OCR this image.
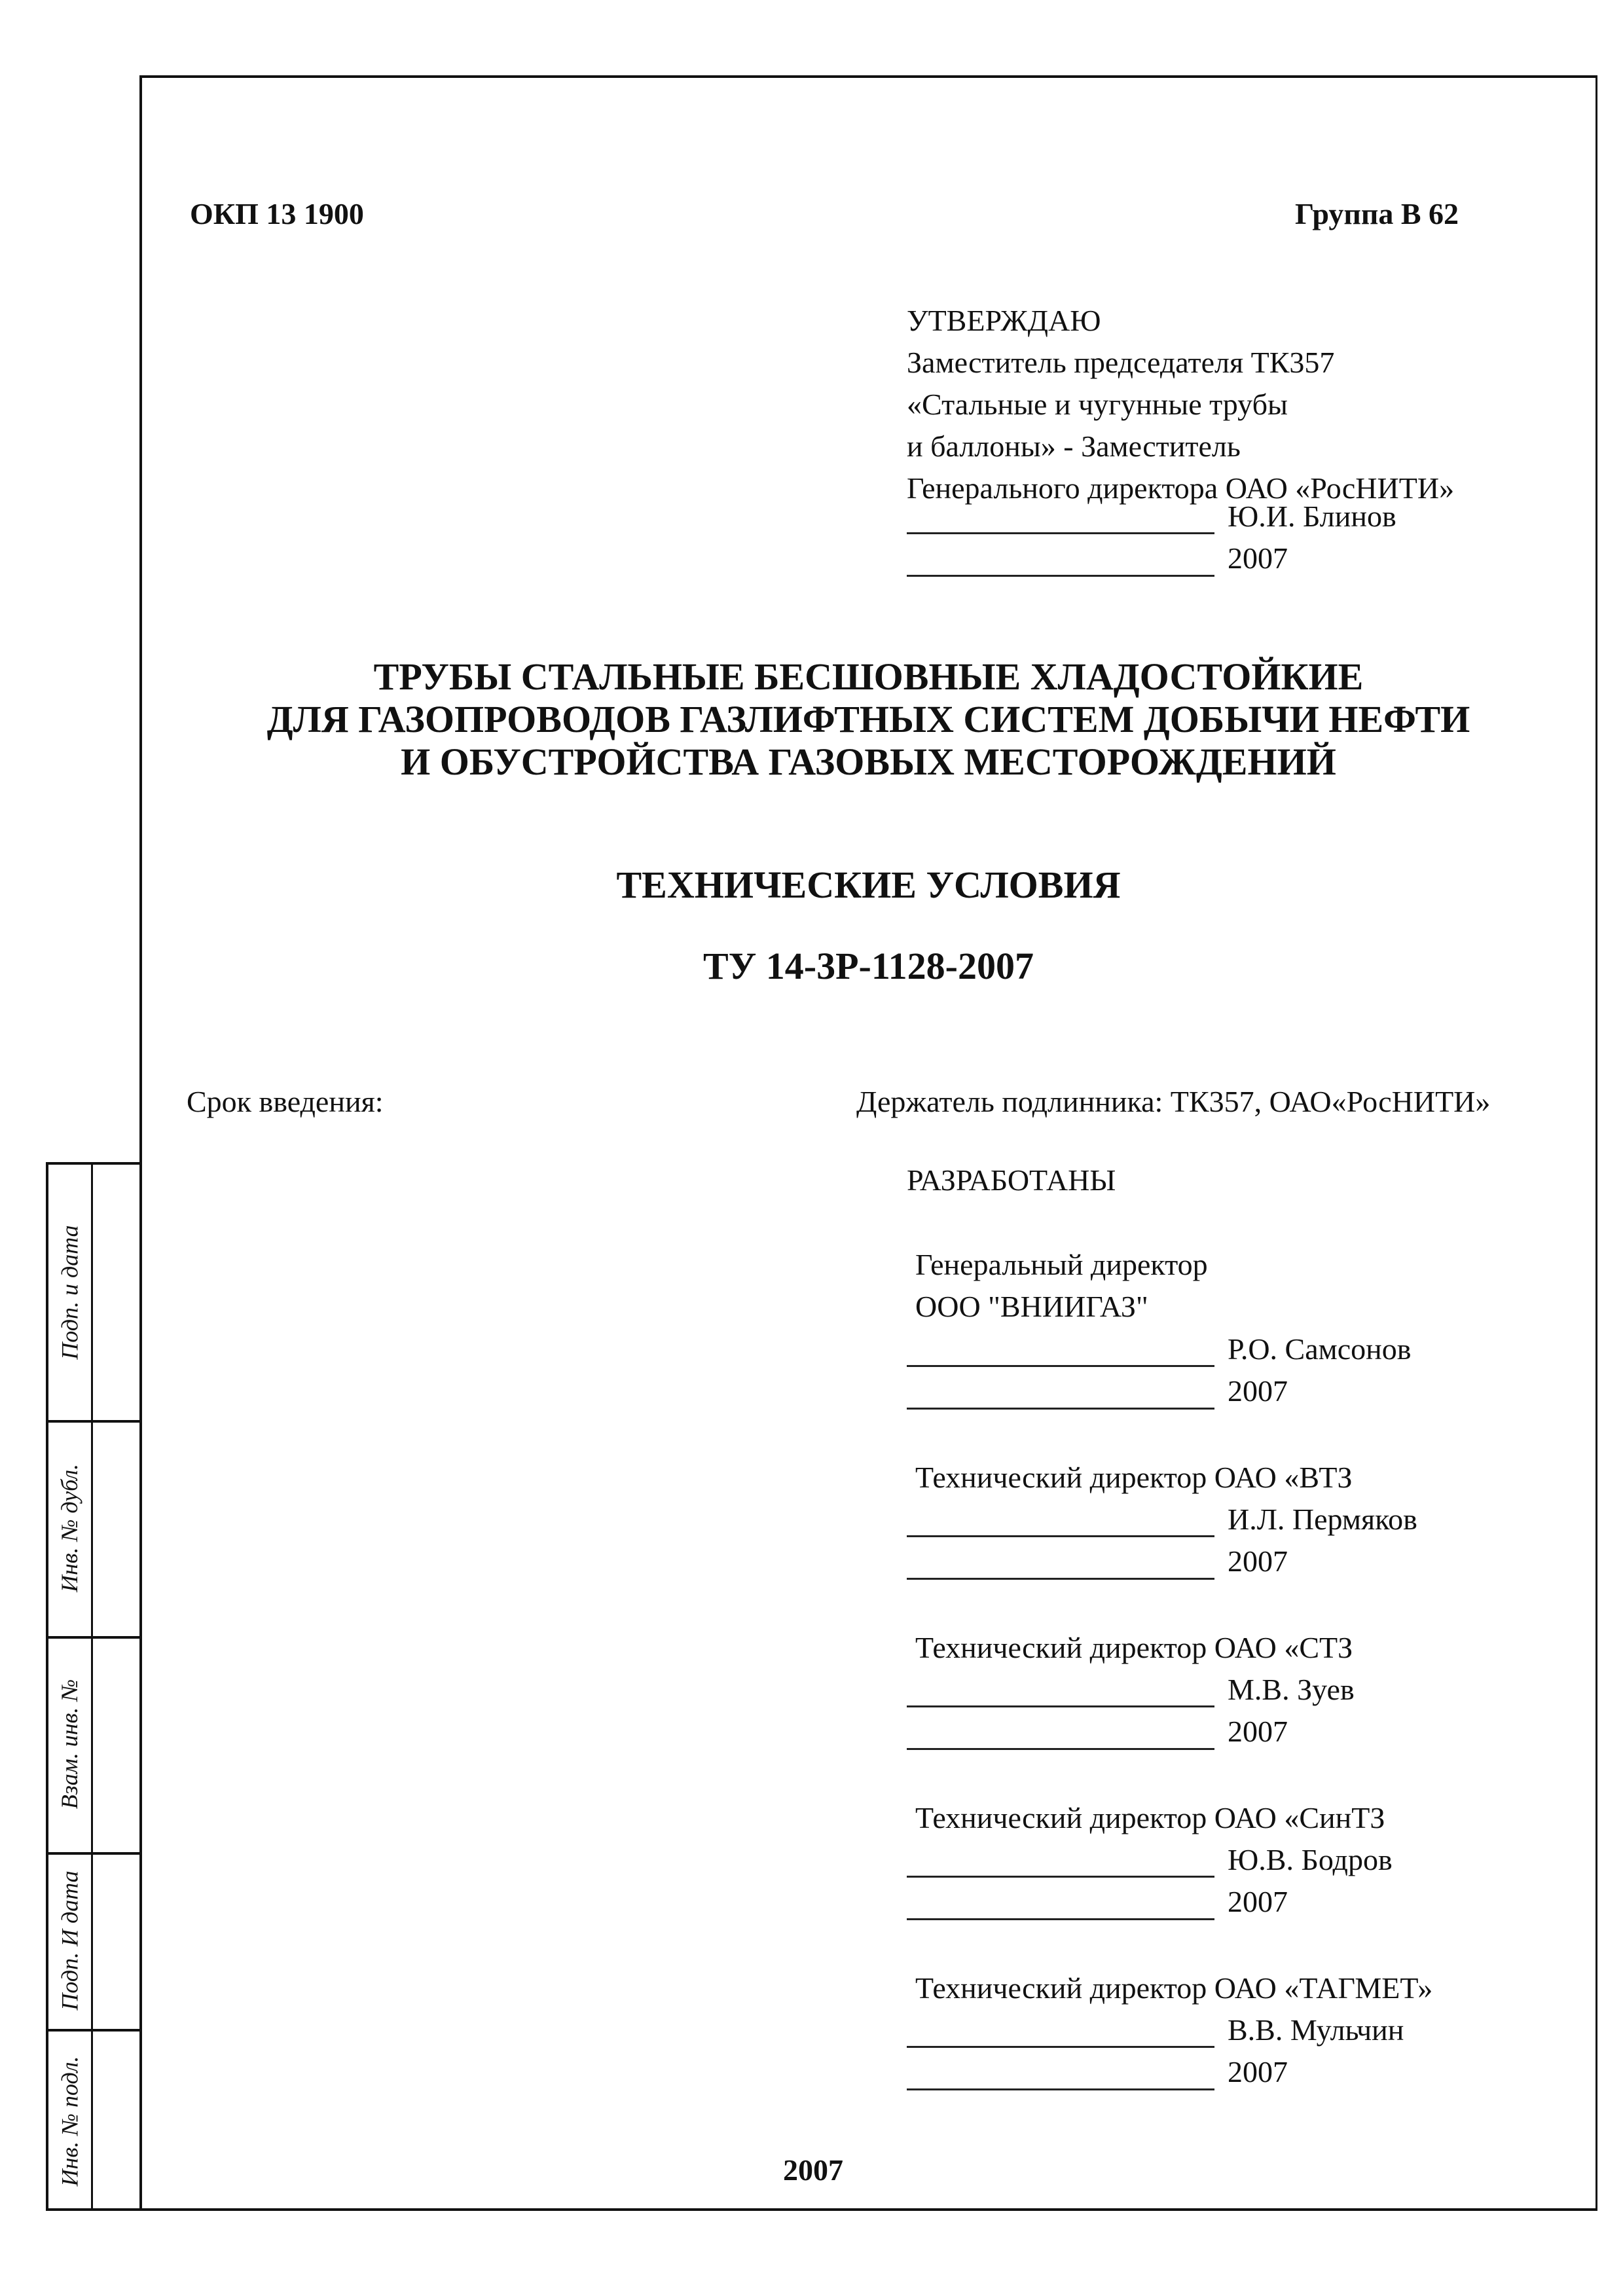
ОКП 13 1900	Группа В 62
УТВЕРЖДАЮ
Заместитель председателя ТК357
«Стальные и чугунные трубы
и баллоны» - Заместитель
Генерального директора ОАО «РосНИТИ»
Ю.И. Блинов
2007
ТРУБЫ СТАЛЬНЫЕ БЕСШОВНЫЕ ХЛАДОСТОЙКИЕ
ДЛЯ ГАЗОПРОВОДОВ ГАЗЛИФТНЫХ СИСТЕМ ДОБЫЧИ НЕФТИ
И ОБУСТРОЙСТВА ГАЗОВЫХ МЕСТОРОЖДЕНИЙ
ТЕХНИЧЕСКИЕ УСЛОВИЯ
ТУ 14-3Р-1128-2007
Срок введения:	Держатель подлинника: ТК357, ОАО«РосНИТИ»
РАЗРАБОТАНЫ
Генеральный директор
ООО "ВНИИГАЗ"
Р.О. Самсонов
2007
Технический директор ОАО «ВТЗ
И.Л. Пермяков
2007
Технический директор ОАО «СТЗ
М.В. Зуев
2007
Технический директор ОАО «СинТЗ
Ю.В. Бодров
2007
Технический директор ОАО «ТАГМЕТ»
В.В. Мульчин
2007
2007
Подп. и дата
Инв. № дубл.
Взам. инв. №
Подп. И дата
Инв. № подл.
